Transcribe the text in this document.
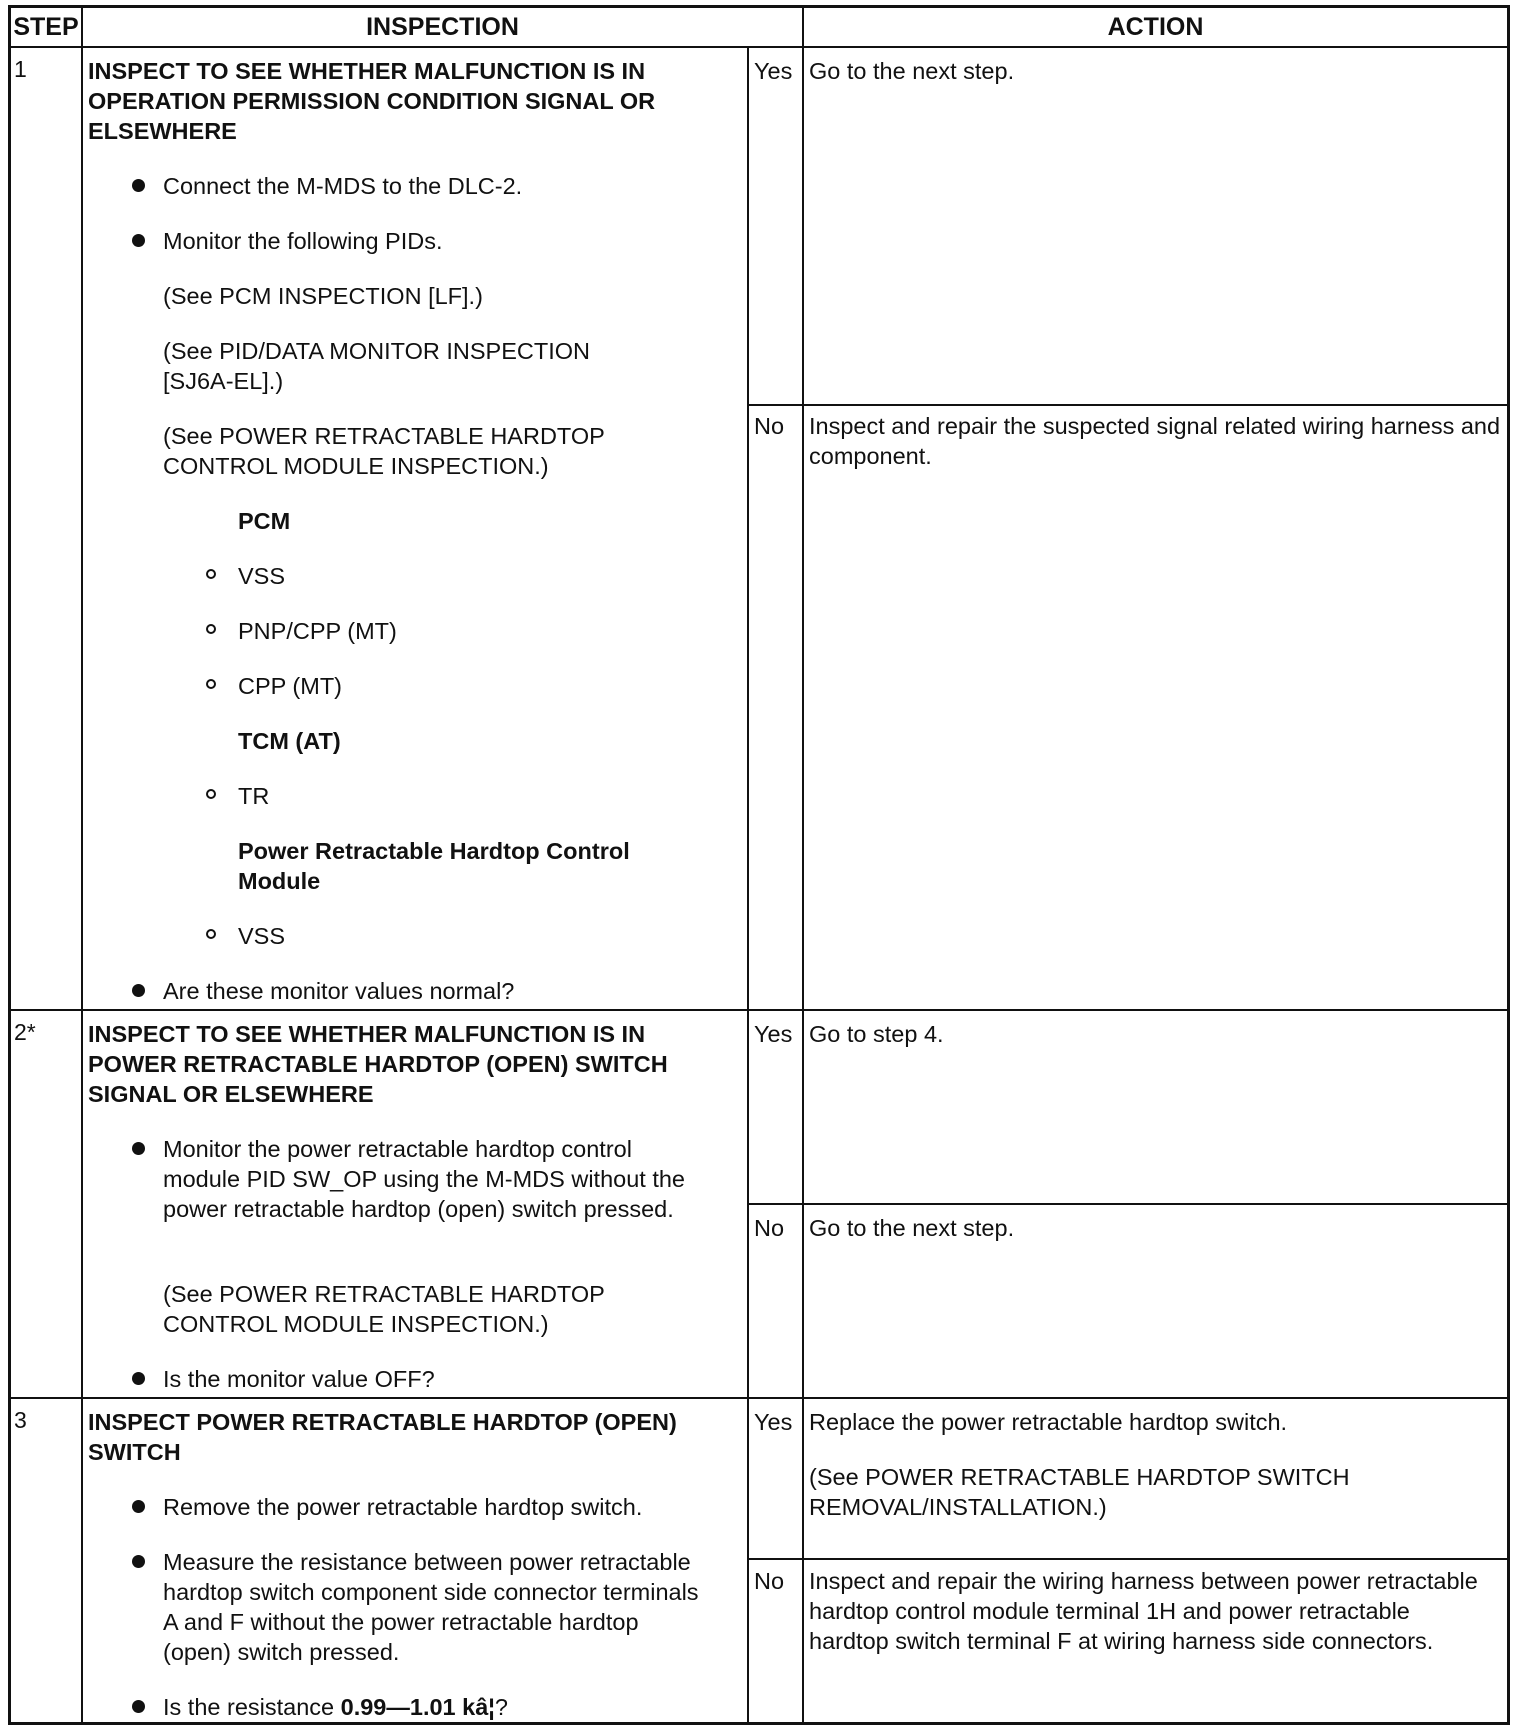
STEP	INSPECTION	ACTION
1	INSPECT TO SEE WHETHER MALFUNCTION IS IN OPERATION PERMISSION CONDITION SIGNAL OR ELSEWHERE
Connect the M-MDS to the DLC-2.
Monitor the following PIDs.
(See PCM INSPECTION [LF].)
(See PID/DATA MONITOR INSPECTION [SJ6A-EL].)
(See POWER RETRACTABLE HARDTOP CONTROL MODULE INSPECTION.)
PCM
VSS
PNP/CPP (MT)
CPP (MT)
TCM (AT)
TR
Power Retractable Hardtop Control Module
VSS
Are these monitor values normal?
Yes Go to the next step.
No Inspect and repair the suspected signal related wiring harness and component.
2* INSPECT TO SEE WHETHER MALFUNCTION IS IN POWER RETRACTABLE HARDTOP (OPEN) SWITCH SIGNAL OR ELSEWHERE
Monitor the power retractable hardtop control module PID SW_OP using the M-MDS without the power retractable hardtop (open) switch pressed.
(See POWER RETRACTABLE HARDTOP CONTROL MODULE INSPECTION.)
Is the monitor value OFF?
Yes Go to step 4.
No Go to the next step.
3	INSPECT POWER RETRACTABLE HARDTOP (OPEN) SWITCH
Remove the power retractable hardtop switch.
Measure the resistance between power retractable hardtop switch component side connector terminals A and F without the power retractable hardtop (open) switch pressed.
Is the resistance 0.99—1.01 kâ¦?
Yes Replace the power retractable hardtop switch.
(See POWER RETRACTABLE HARDTOP SWITCH REMOVAL/INSTALLATION.)
No Inspect and repair the wiring harness between power retractable hardtop control module terminal 1H and power retractable hardtop switch terminal F at wiring harness side connectors.
